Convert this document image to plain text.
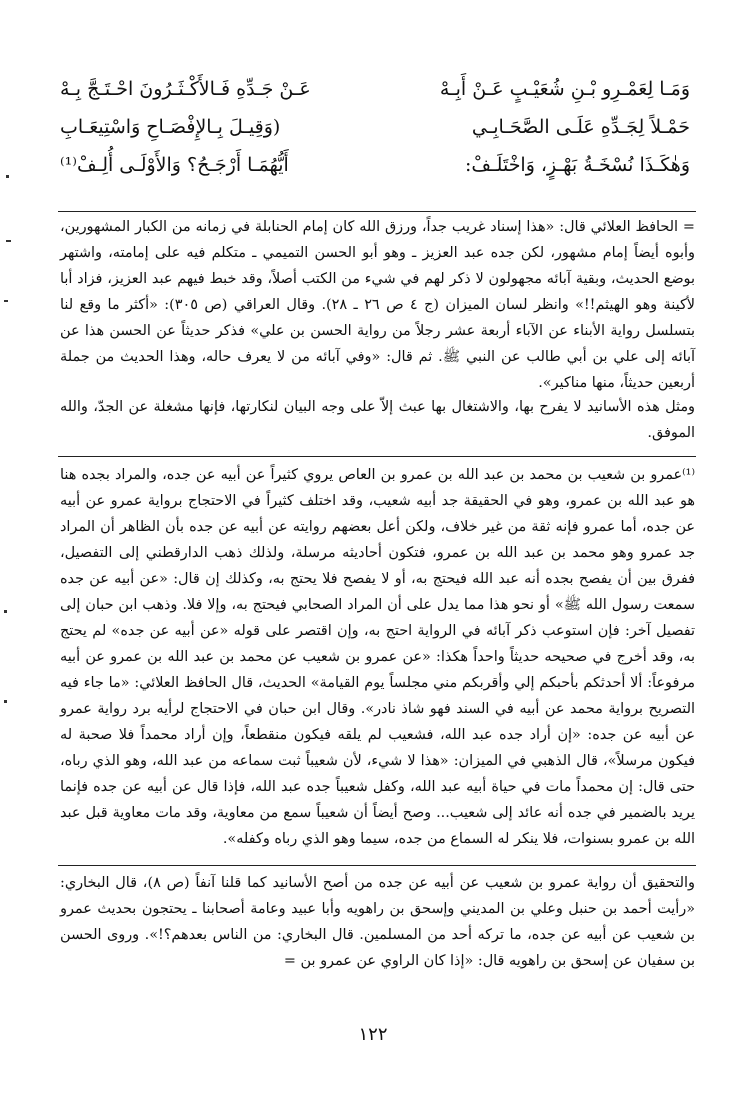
وَمَـا لِعَمْـرِو بْـنِ شُعَيْـبٍ عَـنْ أَبِـهْ
عَـنْ جَـدِّهِ فَـالأَكْـثَـرُونَ احْـتَـجَّ بِـهْ
حَمْـلاً لِجَـدِّهِ عَلَـى الصَّحَـابِـي
(وَقِيـلَ بِـالإِفْصَـاحِ وَاسْتِيعَـابِ
وَهٰكَـذَا نُسْخَـةُ بَهْـزٍ، وَاخْتَلَـفْ:
أَيُّهُمَـا أَرْجَـحُ؟ وَالأَوْلَـى أُلِـفْ⁽¹⁾
= الحافظ العلائي قال: «هذا إسناد غريب جداً، ورزق الله كان إمام الحنابلة في زمانه من الكبار المشهورين، وأبوه أيضاً إمام مشهور، لكن جده عبد العزيز ـ وهو أبو الحسن التميمي ـ متكلم فيه على إمامته، واشتهر بوضع الحديث، وبقية آبائه مجهولون لا ذكر لهم في شيء من الكتب أصلاً، وقد خبط فيهم عبد العزيز، فزاد أبا لأكينة وهو الهيثم!!» وانظر لسان الميزان (ج ٤ ص ٢٦ ـ ٢٨). وقال العراقي (ص ٣٠٥): «أكثر ما وقع لنا بتسلسل رواية الأبناء عن الآباء أربعة عشر رجلاً من رواية الحسن بن علي» فذكر حديثاً عن الحسن هذا عن آبائه إلى علي بن أبي طالب عن النبي ﷺ. ثم قال: «وفي آبائه من لا يعرف حاله، وهذا الحديث من جملة أربعين حديثاً، منها مناكير».
ومثل هذه الأسانيد لا يفرح بها، والاشتغال بها عبث إلاّ على وجه البيان لنكارتها، فإنها مشغلة عن الجدّ، والله الموفق.
⁽¹⁾عمرو بن شعيب بن محمد بن عبد الله بن عمرو بن العاص يروي كثيراً عن أبيه عن جده، والمراد بجده هنا هو عبد الله بن عمرو، وهو في الحقيقة جد أبيه شعيب، وقد اختلف كثيراً في الاحتجاج برواية عمرو عن أبيه عن جده، أما عمرو فإنه ثقة من غير خلاف، ولكن أعل بعضهم روايته عن أبيه عن جده بأن الظاهر أن المراد جد عمرو وهو محمد بن عبد الله بن عمرو، فتكون أحاديثه مرسلة، ولذلك ذهب الدارقطني إلى التفصيل، ففرق بين أن يفصح بجده أنه عبد الله فيحتج به، أو لا يفصح فلا يحتج به، وكذلك إن قال: «عن أبيه عن جده سمعت رسول الله ﷺ» أو نحو هذا مما يدل على أن المراد الصحابي فيحتج به، وإلا فلا. وذهب ابن حبان إلى تفصيل آخر: فإن استوعب ذكر آبائه في الرواية احتج به، وإن اقتصر على قوله «عن أبيه عن جده» لم يحتج به، وقد أخرج في صحيحه حديثاً واحداً هكذا: «عن عمرو بن شعيب عن محمد بن عبد الله بن عمرو عن أبيه مرفوعاً: ألا أحدثكم بأحبكم إلي وأقربكم مني مجلساً يوم القيامة» الحديث، قال الحافظ العلائي: «ما جاء فيه التصريح برواية محمد عن أبيه في السند فهو شاذ نادر». وقال ابن حبان في الاحتجاج لرأيه برد رواية عمرو عن أبيه عن جده: «إن أراد جده عبد الله، فشعيب لم يلقه فيكون منقطعاً، وإن أراد محمداً فلا صحبة له فيكون مرسلاً»، قال الذهبي في الميزان: «هذا لا شيء، لأن شعيباً ثبت سماعه من عبد الله، وهو الذي رباه، حتى قال: إن محمداً مات في حياة أبيه عبد الله، وكفل شعيباً جده عبد الله، فإذا قال عن أبيه عن جده فإنما يريد بالضمير في جده أنه عائد إلى شعيب... وصح أيضاً أن شعيباً سمع من معاوية، وقد مات معاوية قبل عبد الله بن عمرو بسنوات، فلا ينكر له السماع من جده، سيما وهو الذي رباه وكفله».
والتحقيق أن رواية عمرو بن شعيب عن أبيه عن جده من أصح الأسانيد كما قلنا آنفاً (ص ٨)، قال البخاري: «رأيت أحمد بن حنبل وعلي بن المديني وإسحق بن راهويه وأبا عبيد وعامة أصحابنا ـ يحتجون بحديث عمرو بن شعيب عن أبيه عن جده، ما تركه أحد من المسلمين. قال البخاري: من الناس بعدهم؟!». وروى الحسن بن سفيان عن إسحق بن راهويه قال: «إذا كان الراوي عن عمرو بن =
١٢٢
